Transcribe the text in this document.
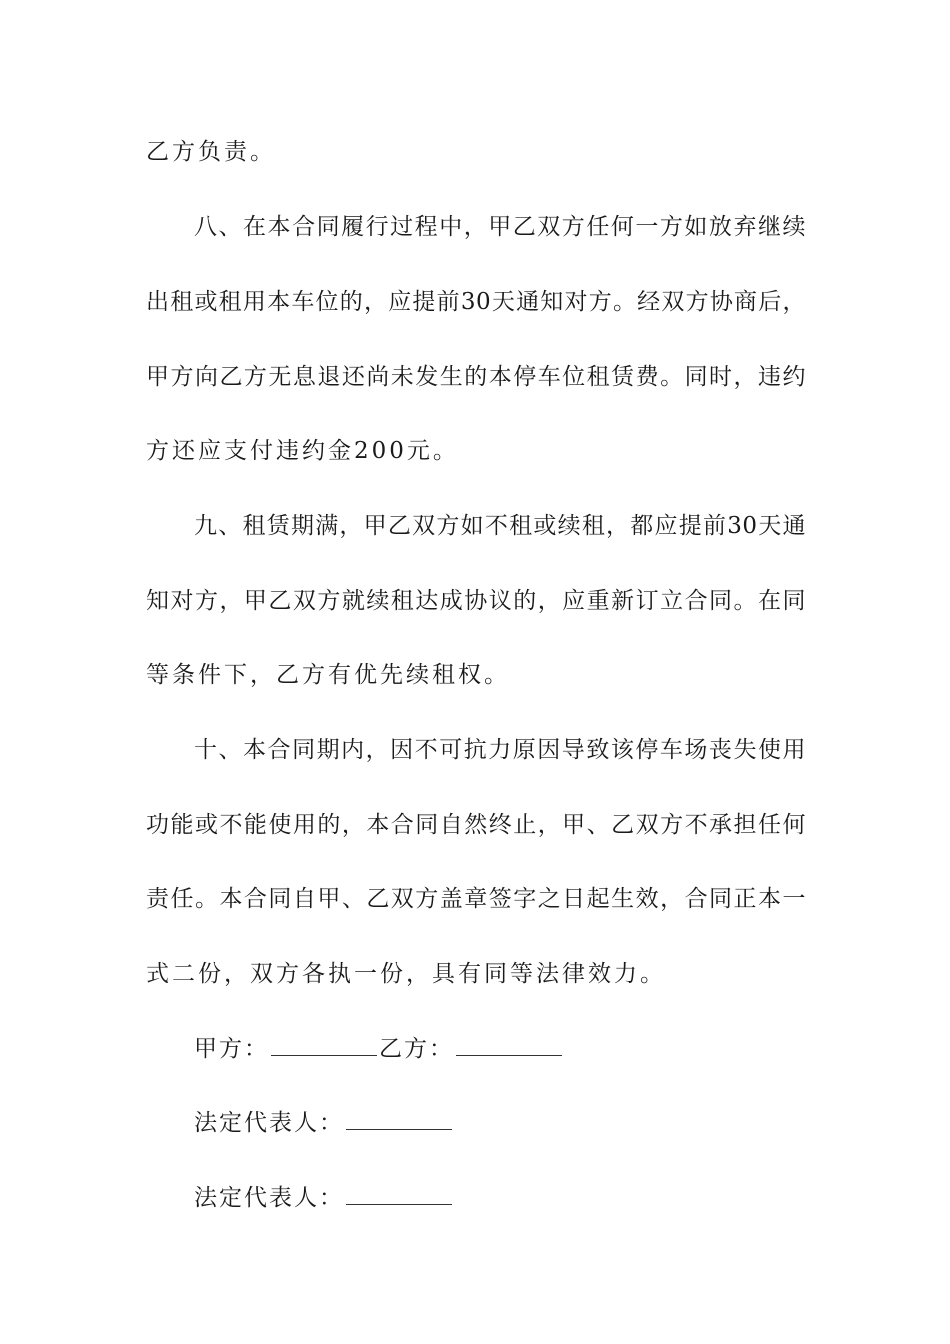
乙方负责。
八、在本合同履行过程中，甲乙双方任何一方如放弃继续
出租或租用本车位的，应提前30天通知对方。经双方协商后，
甲方向乙方无息退还尚未发生的本停车位租赁费。同时，违约
方还应支付违约金200元。
九、租赁期满，甲乙双方如不租或续租，都应提前30天通
知对方，甲乙双方就续租达成协议的，应重新订立合同。在同
等条件下，乙方有优先续租权。
十、本合同期内，因不可抗力原因导致该停车场丧失使用
功能或不能使用的，本合同自然终止，甲、乙双方不承担任何
责任。本合同自甲、乙双方盖章签字之日起生效，合同正本一
式二份，双方各执一份，具有同等法律效力。
甲方：	乙方：
法定代表人：
法定代表人：
